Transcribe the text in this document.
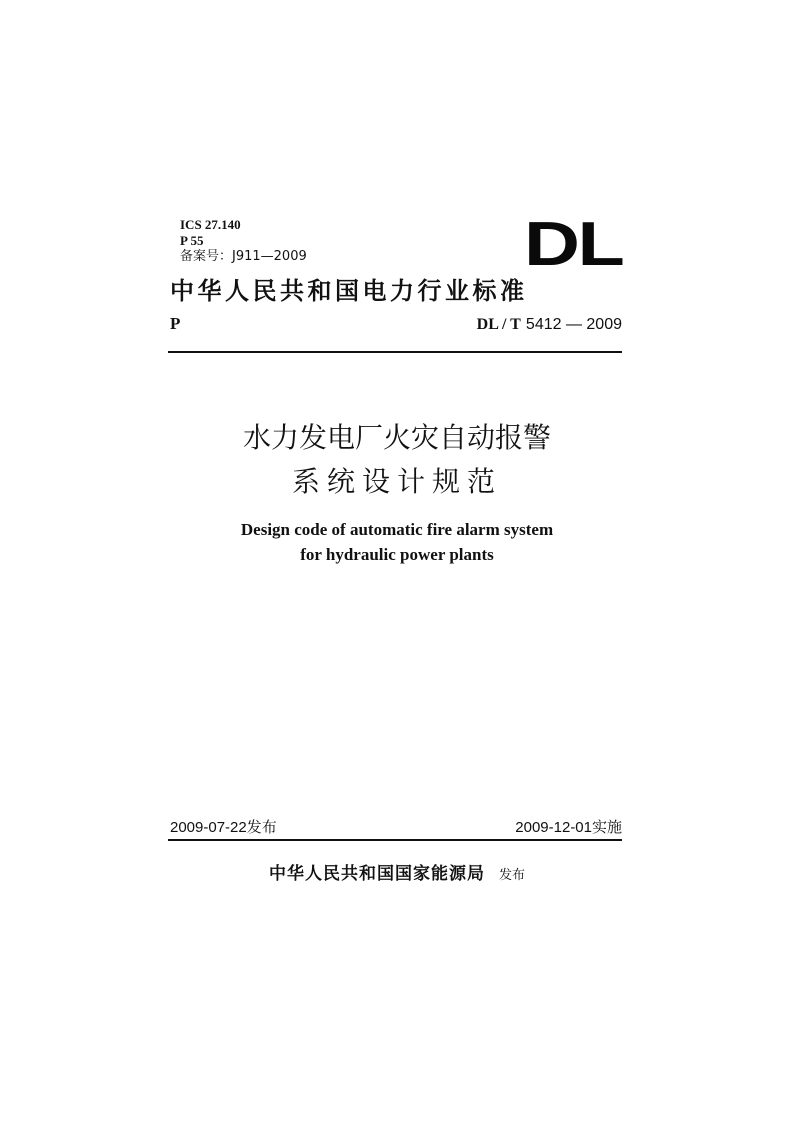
ICS 27.140
P 55
备案号：J911—2009	DL
中华人民共和国电力行业标准
P	DL / T 5412 — 2009
水力发电厂火灾自动报警
系统设计规范
Design code of automatic fire alarm system
for hydraulic power plants
2009-07-22发布	2009-12-01实施
中华人民共和国国家能源局 发布
